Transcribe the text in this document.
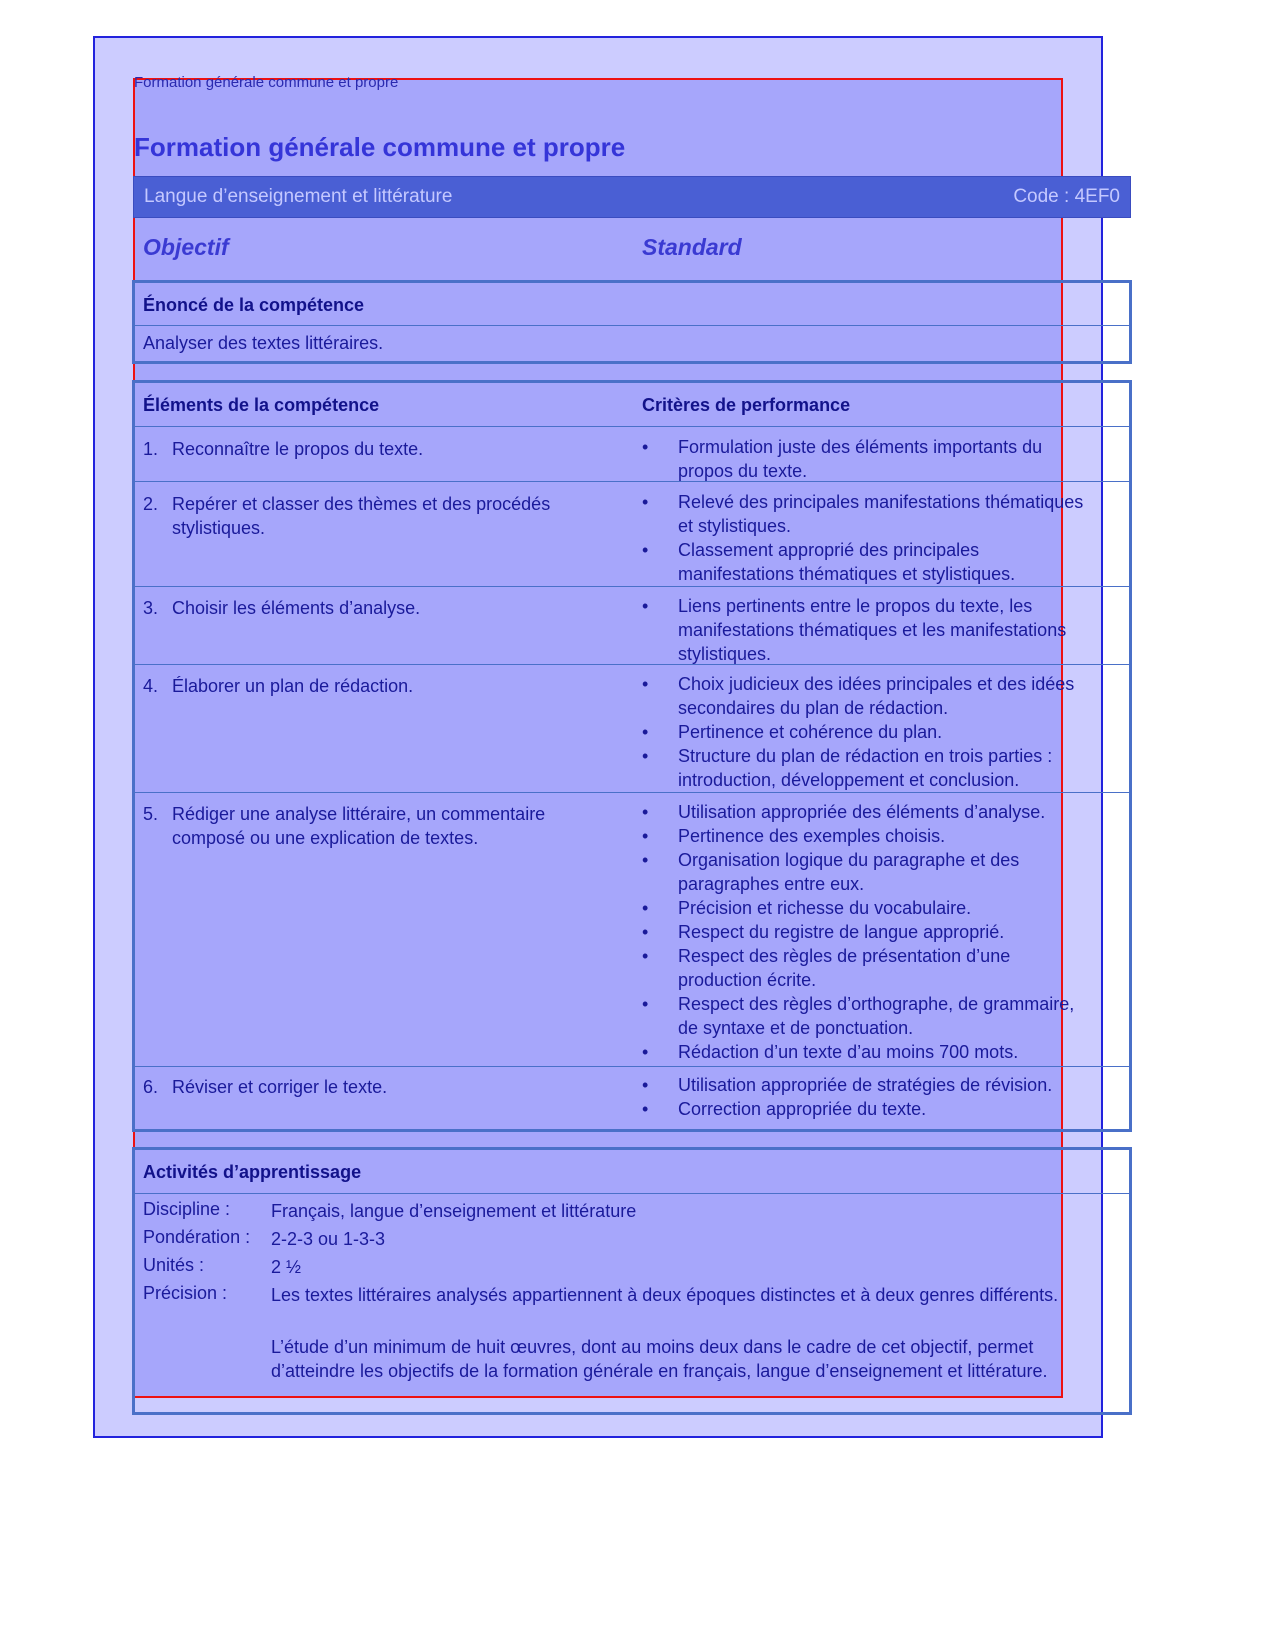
Formation générale commune et propre
Formation générale commune et propre
Langue d’enseignement et littérature	Code : 4EF0
Objectif	Standard
Énoncé de la compétence
Analyser des textes littéraires.
Éléments de la compétence	Critères de performance
1. Reconnaître le propos du texte.	• Formulation juste des éléments importants du propos du texte.
2. Repérer et classer des thèmes et des procédés stylistiques.
• Relevé des principales manifestations thématiques et stylistiques.
• Classement approprié des principales manifestations thématiques et stylistiques.
3. Choisir les éléments d’analyse.	• Liens pertinents entre le propos du texte, les manifestations thématiques et les manifestations stylistiques.
4. Élaborer un plan de rédaction.	• Choix judicieux des idées principales et des idées secondaires du plan de rédaction.
• Pertinence et cohérence du plan.
• Structure du plan de rédaction en trois parties : introduction, développement et conclusion.
5. Rédiger une analyse littéraire, un commentaire composé ou une explication de textes.
• Utilisation appropriée des éléments d’analyse.
• Pertinence des exemples choisis.
• Organisation logique du paragraphe et des paragraphes entre eux.
• Précision et richesse du vocabulaire.
• Respect du registre de langue approprié.
• Respect des règles de présentation d’une production écrite.
• Respect des règles d’orthographe, de grammaire, de syntaxe et de ponctuation.
• Rédaction d’un texte d’au moins 700 mots.
6. Réviser et corriger le texte.	• Utilisation appropriée de stratégies de révision.
• Correction appropriée du texte.
Activités d’apprentissage
Discipline : Français, langue d’enseignement et littérature
Pondération : 2-2-3 ou 1-3-3
Unités :	2 ½
Précision : Les textes littéraires analysés appartiennent à deux époques distinctes et à deux genres différents.
L’étude d’un minimum de huit œuvres, dont au moins deux dans le cadre de cet objectif, permet d’atteindre les objectifs de la formation générale en français, langue d’enseignement et littérature.
